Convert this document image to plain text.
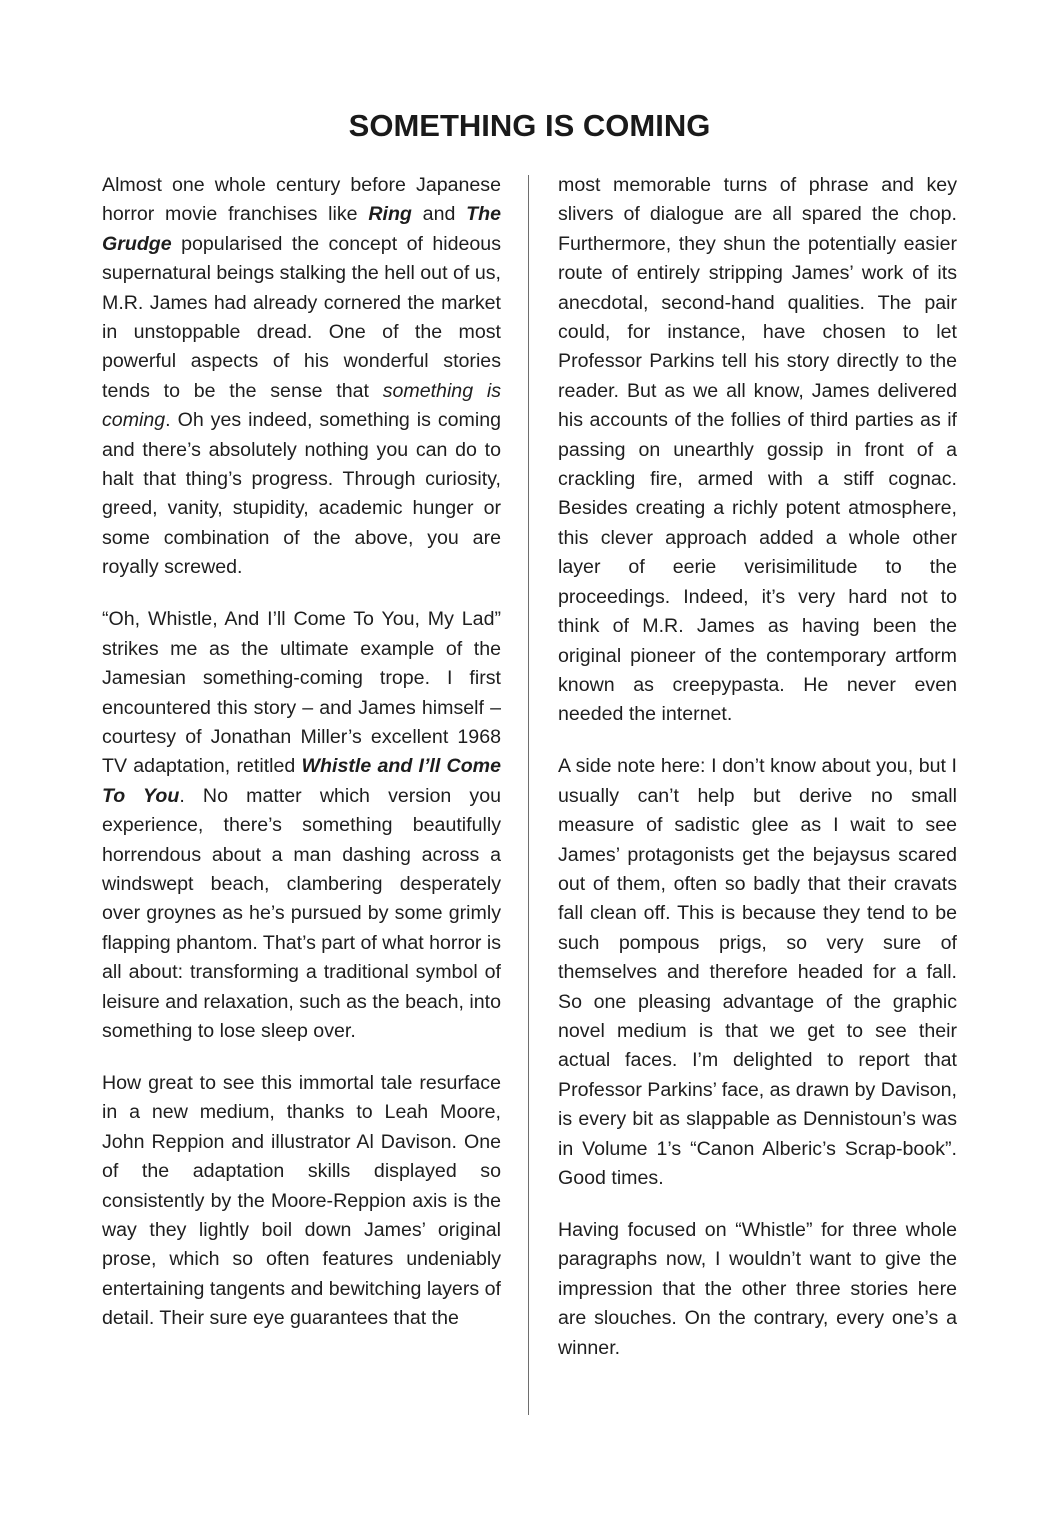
SOMETHING IS COMING

Almost one whole century before Japanese horror movie franchises like Ring and The Grudge popularised the concept of hideous supernatural beings stalking the hell out of us, M.R. James had already cornered the market in unstoppable dread. One of the most powerful aspects of his wonderful stories tends to be the sense that something is coming. Oh yes indeed, something is coming and there’s absolutely nothing you can do to halt that thing’s progress. Through curiosity, greed, vanity, stupidity, academic hunger or some combination of the above, you are royally screwed.

“Oh, Whistle, And I’ll Come To You, My Lad” strikes me as the ultimate example of the Jamesian something-coming trope. I first encountered this story – and James himself – courtesy of Jonathan Miller’s excellent 1968 TV adaptation, retitled Whistle and I’ll Come To You. No matter which version you experience, there’s something beautifully horrendous about a man dashing across a windswept beach, clambering desperately over groynes as he’s pursued by some grimly flapping phantom. That’s part of what horror is all about: transforming a traditional symbol of leisure and relaxation, such as the beach, into something to lose sleep over.

How great to see this immortal tale resurface in a new medium, thanks to Leah Moore, John Reppion and illustrator Al Davison. One of the adaptation skills displayed so consistently by the Moore-Reppion axis is the way they lightly boil down James’ original prose, which so often features undeniably entertaining tangents and bewitching layers of detail. Their sure eye guarantees that the

most memorable turns of phrase and key slivers of dialogue are all spared the chop. Furthermore, they shun the potentially easier route of entirely stripping James’ work of its anecdotal, second-hand qualities. The pair could, for instance, have chosen to let Professor Parkins tell his story directly to the reader. But as we all know, James delivered his accounts of the follies of third parties as if passing on unearthly gossip in front of a crackling fire, armed with a stiff cognac. Besides creating a richly potent atmosphere, this clever approach added a whole other layer of eerie verisimilitude to the proceedings. Indeed, it’s very hard not to think of M.R. James as having been the original pioneer of the contemporary artform known as creepypasta. He never even needed the internet.

A side note here: I don’t know about you, but I usually can’t help but derive no small measure of sadistic glee as I wait to see James’ protagonists get the bejaysus scared out of them, often so badly that their cravats fall clean off. This is because they tend to be such pompous prigs, so very sure of themselves and therefore headed for a fall. So one pleasing advantage of the graphic novel medium is that we get to see their actual faces. I’m delighted to report that Professor Parkins’ face, as drawn by Davison, is every bit as slappable as Dennistoun’s was in Volume 1’s “Canon Alberic’s Scrap-book”. Good times.

Having focused on “Whistle” for three whole paragraphs now, I wouldn’t want to give the impression that the other three stories here are slouches. On the contrary, every one’s a winner.
